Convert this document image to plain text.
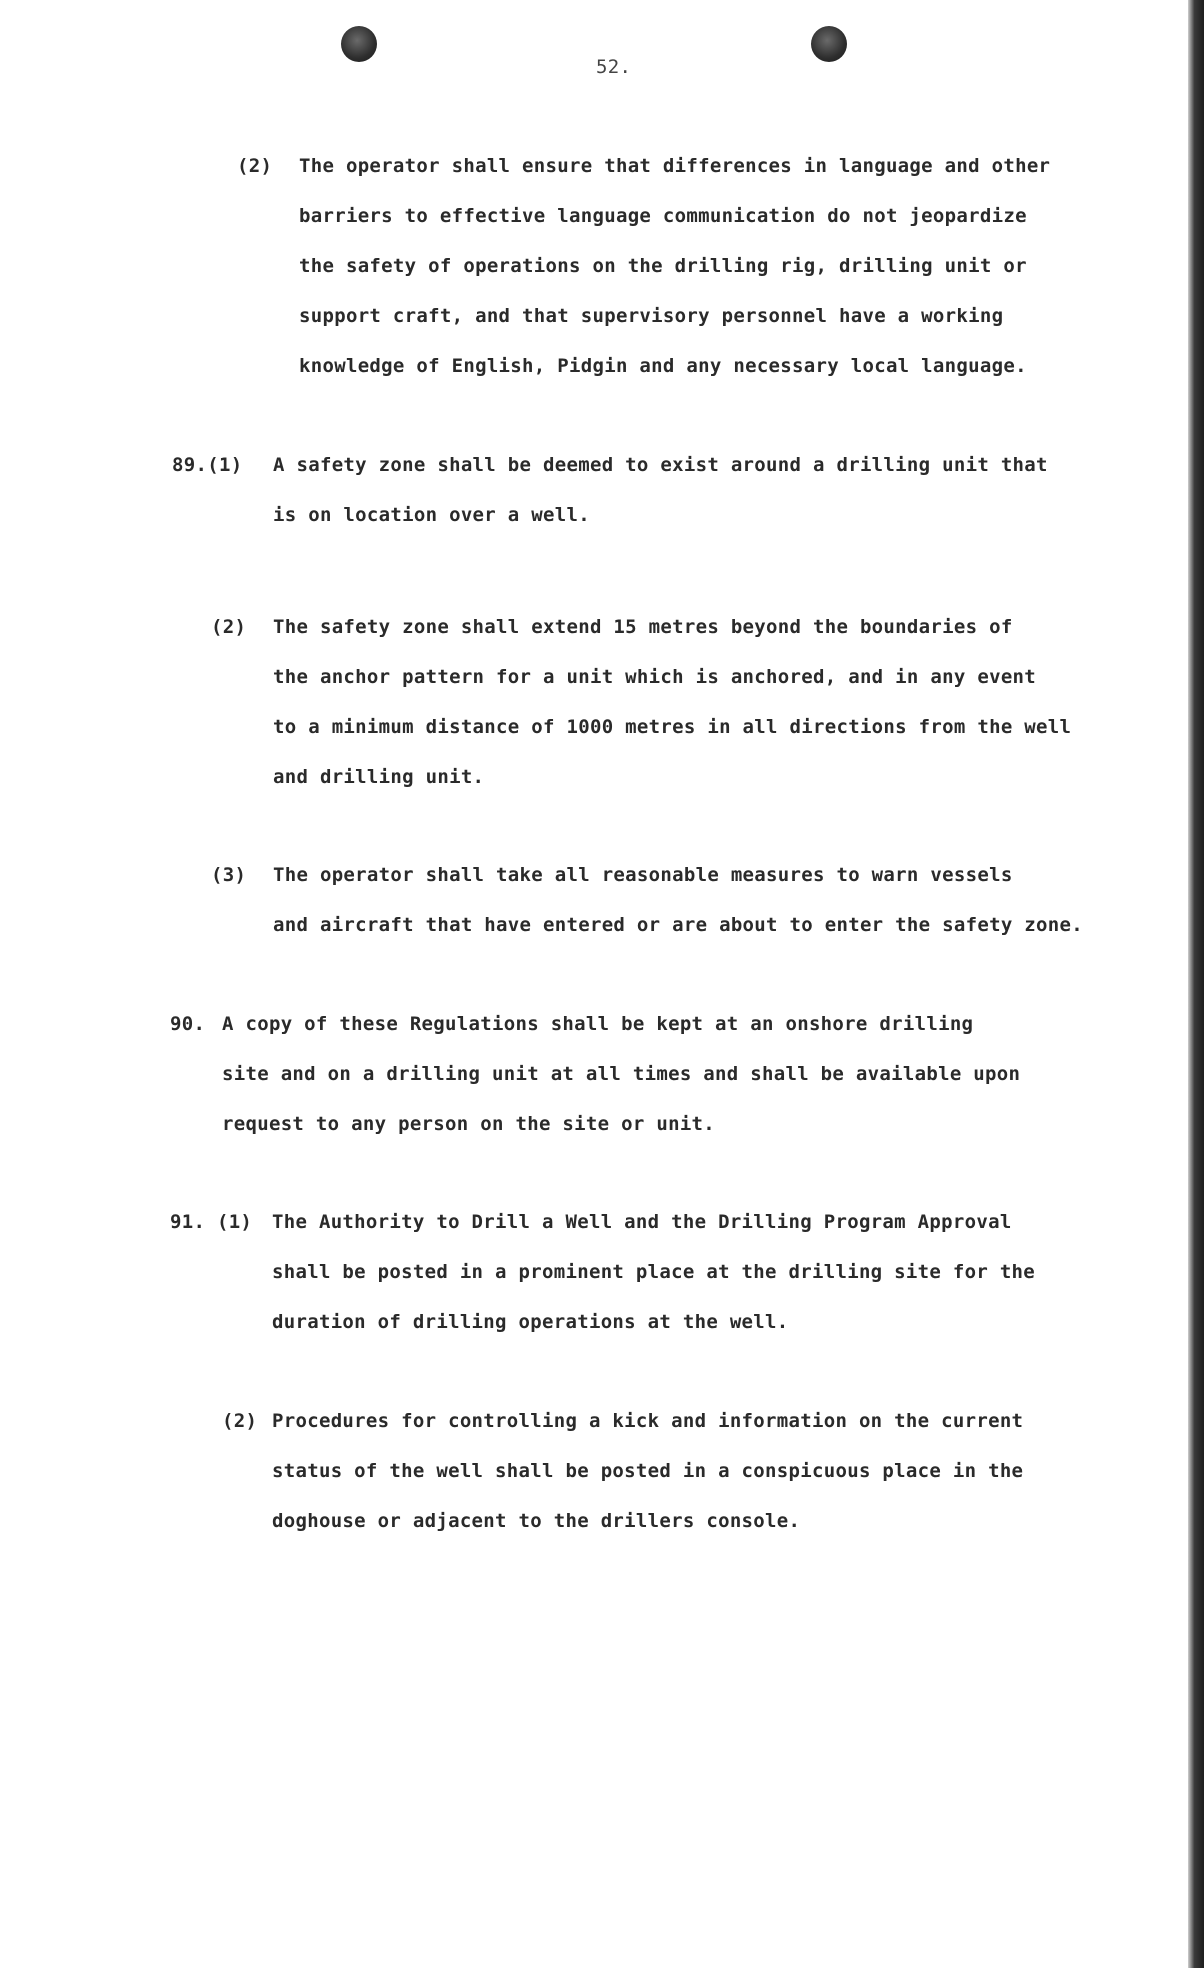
52.
(2) The operator shall ensure that differences in language and other
barriers to effective language communication do not jeopardize
the safety of operations on the drilling rig, drilling unit or
support craft, and that supervisory personnel have a working
knowledge of English, Pidgin and any necessary local language.
89.(1) A safety zone shall be deemed to exist around a drilling unit that
is on location over a well.
(2) The safety zone shall extend 15 metres beyond the boundaries of
the anchor pattern for a unit which is anchored, and in any event
to a minimum distance of 1000 metres in all directions from the well
and drilling unit.
(3) The operator shall take all reasonable measures to warn vessels
and aircraft that have entered or are about to enter the safety zone.
90. A copy of these Regulations shall be kept at an onshore drilling
site and on a drilling unit at all times and shall be available upon
request to any person on the site or unit.
91. (1) The Authority to Drill a Well and the Drilling Program Approval
shall be posted in a prominent place at the drilling site for the
duration of drilling operations at the well.
(2) Procedures for controlling a kick and information on the current
status of the well shall be posted in a conspicuous place in the
doghouse or adjacent to the drillers console.
